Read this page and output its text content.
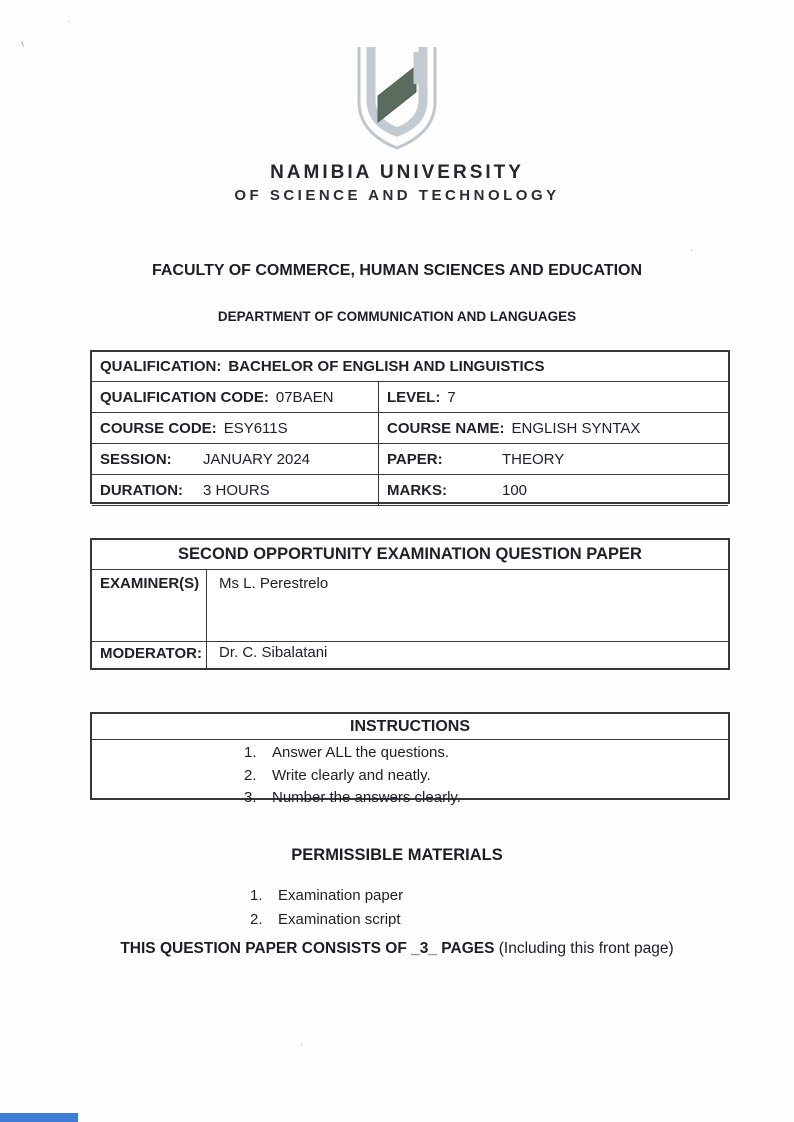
NAMIBIA UNIVERSITY
OF SCIENCE AND TECHNOLOGY
FACULTY OF COMMERCE, HUMAN SCIENCES AND EDUCATION
DEPARTMENT OF COMMUNICATION AND LANGUAGES
QUALIFICATION: BACHELOR OF ENGLISH AND LINGUISTICS
QUALIFICATION CODE: 07BAEN	LEVEL: 7
COURSE CODE: ESY611S	COURSE NAME: ENGLISH SYNTAX
SESSION:	JANUARY 2024	PAPER:	THEORY
DURATION:	3 HOURS	MARKS:	100
SECOND OPPORTUNITY EXAMINATION QUESTION PAPER
EXAMINER(S)	Ms L. Perestrelo
MODERATOR:	Dr. C. Sibalatani
INSTRUCTIONS
1.	Answer ALL the questions.
2.	Write clearly and neatly.
3.	Number the answers clearly.
PERMISSIBLE MATERIALS
1.	Examination paper
2.	Examination script
THIS QUESTION PAPER CONSISTS OF _3_ PAGES (Including this front page)
ʳ
ʼ
ˈ
ˌ
